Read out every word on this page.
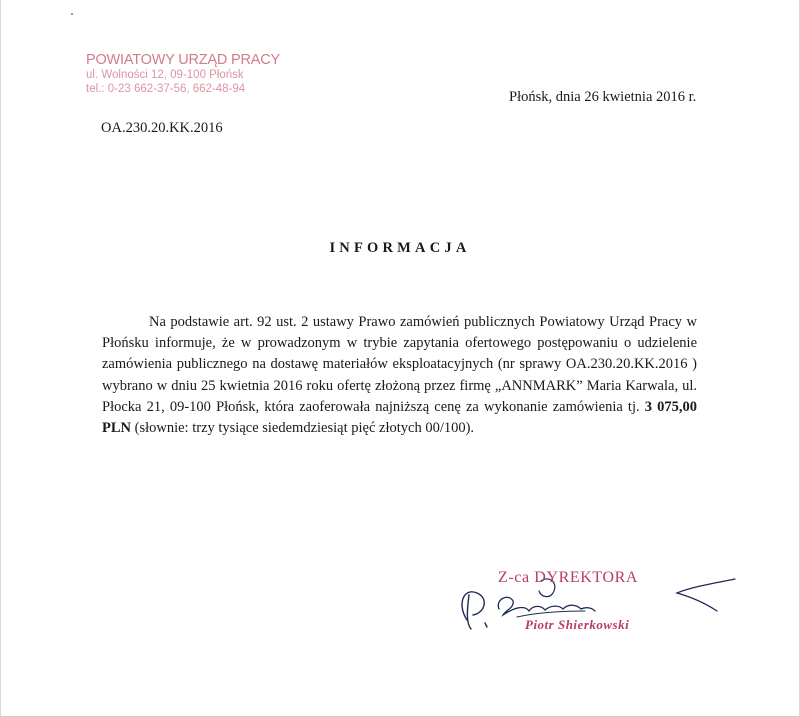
POWIATOWY URZĄD PRACY
ul. Wolności 12, 09-100 Płońsk
tel.: 0-23 662-37-56, 662-48-94	Płońsk, dnia 26 kwietnia 2016 r.
OA.230.20.KK.2016
INFORMACJA

Na podstawie art. 92 ust. 2 ustawy Prawo zamówień publicznych Powiatowy Urząd Pracy w Płońsku informuje, że w prowadzonym w trybie zapytania ofertowego postępowaniu o udzielenie zamówienia publicznego na dostawę materiałów eksploatacyjnych (nr sprawy OA.230.20.KK.2016 ) wybrano w dniu 25 kwietnia 2016 roku ofertę złożoną przez firmę „ANNMARK” Maria Karwala, ul. Płocka 21, 09-100 Płońsk, która zaoferowała najniższą cenę za wykonanie zamówienia tj. 3 075,00 PLN (słownie: trzy tysiące siedemdziesiąt pięć złotych 00/100).

Z-ca DYREKTORA
Piotr Shierkowski
